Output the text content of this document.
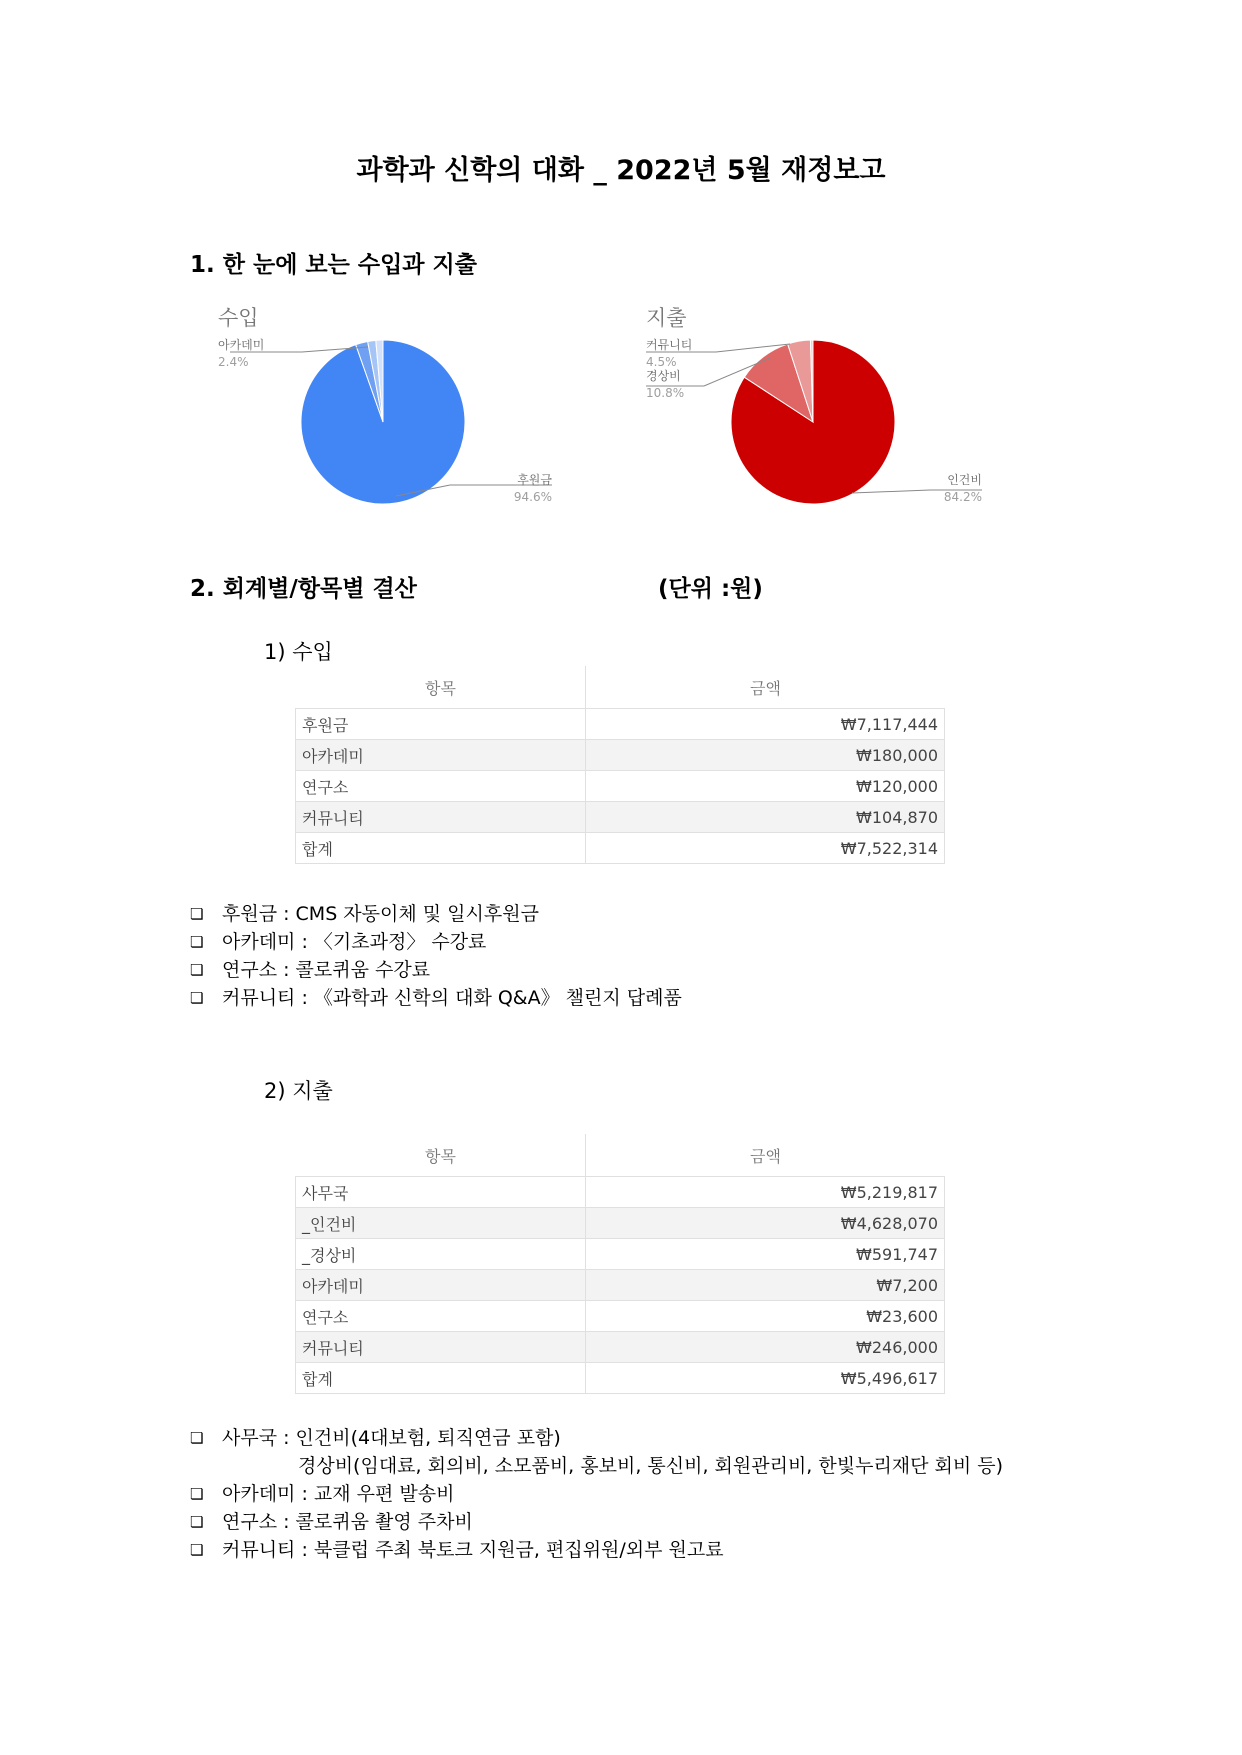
과학과 신학의 대화 _ 2022년 5월 재정보고
1. 한 눈에 보는 수입과 지출
수입
아카데미
2.4%
후원금
94.6%
지출
커뮤니티
4.5%
경상비
10.8%
인건비
84.2%
2. 회계별/항목별 결산	(단위 :원)
1) 수입
항목	금액
후원금	₩7,117,444
아카데미	₩180,000
연구소	₩120,000
커뮤니티	₩104,870
합계	₩7,522,314
❏ 후원금 : CMS 자동이체 및 일시후원금
❏ 아카데미 : 〈기초과정〉 수강료
❏ 연구소 : 콜로퀴움 수강료
❏ 커뮤니티 : 《과학과 신학의 대화 Q&A》 챌린지 답례품
2) 지출
항목	금액
사무국	₩5,219,817
_인건비	₩4,628,070
_경상비	₩591,747
아카데미	₩7,200
연구소	₩23,600
커뮤니티	₩246,000
합계	₩5,496,617
❏ 사무국 : 인건비(4대보험, 퇴직연금 포함)
경상비(임대료, 회의비, 소모품비, 홍보비, 통신비, 회원관리비, 한빛누리재단 회비 등)
❏ 아카데미 : 교재 우편 발송비
❏ 연구소 : 콜로퀴움 촬영 주차비
❏ 커뮤니티 : 북클럽 주최 북토크 지원금, 편집위원/외부 원고료
